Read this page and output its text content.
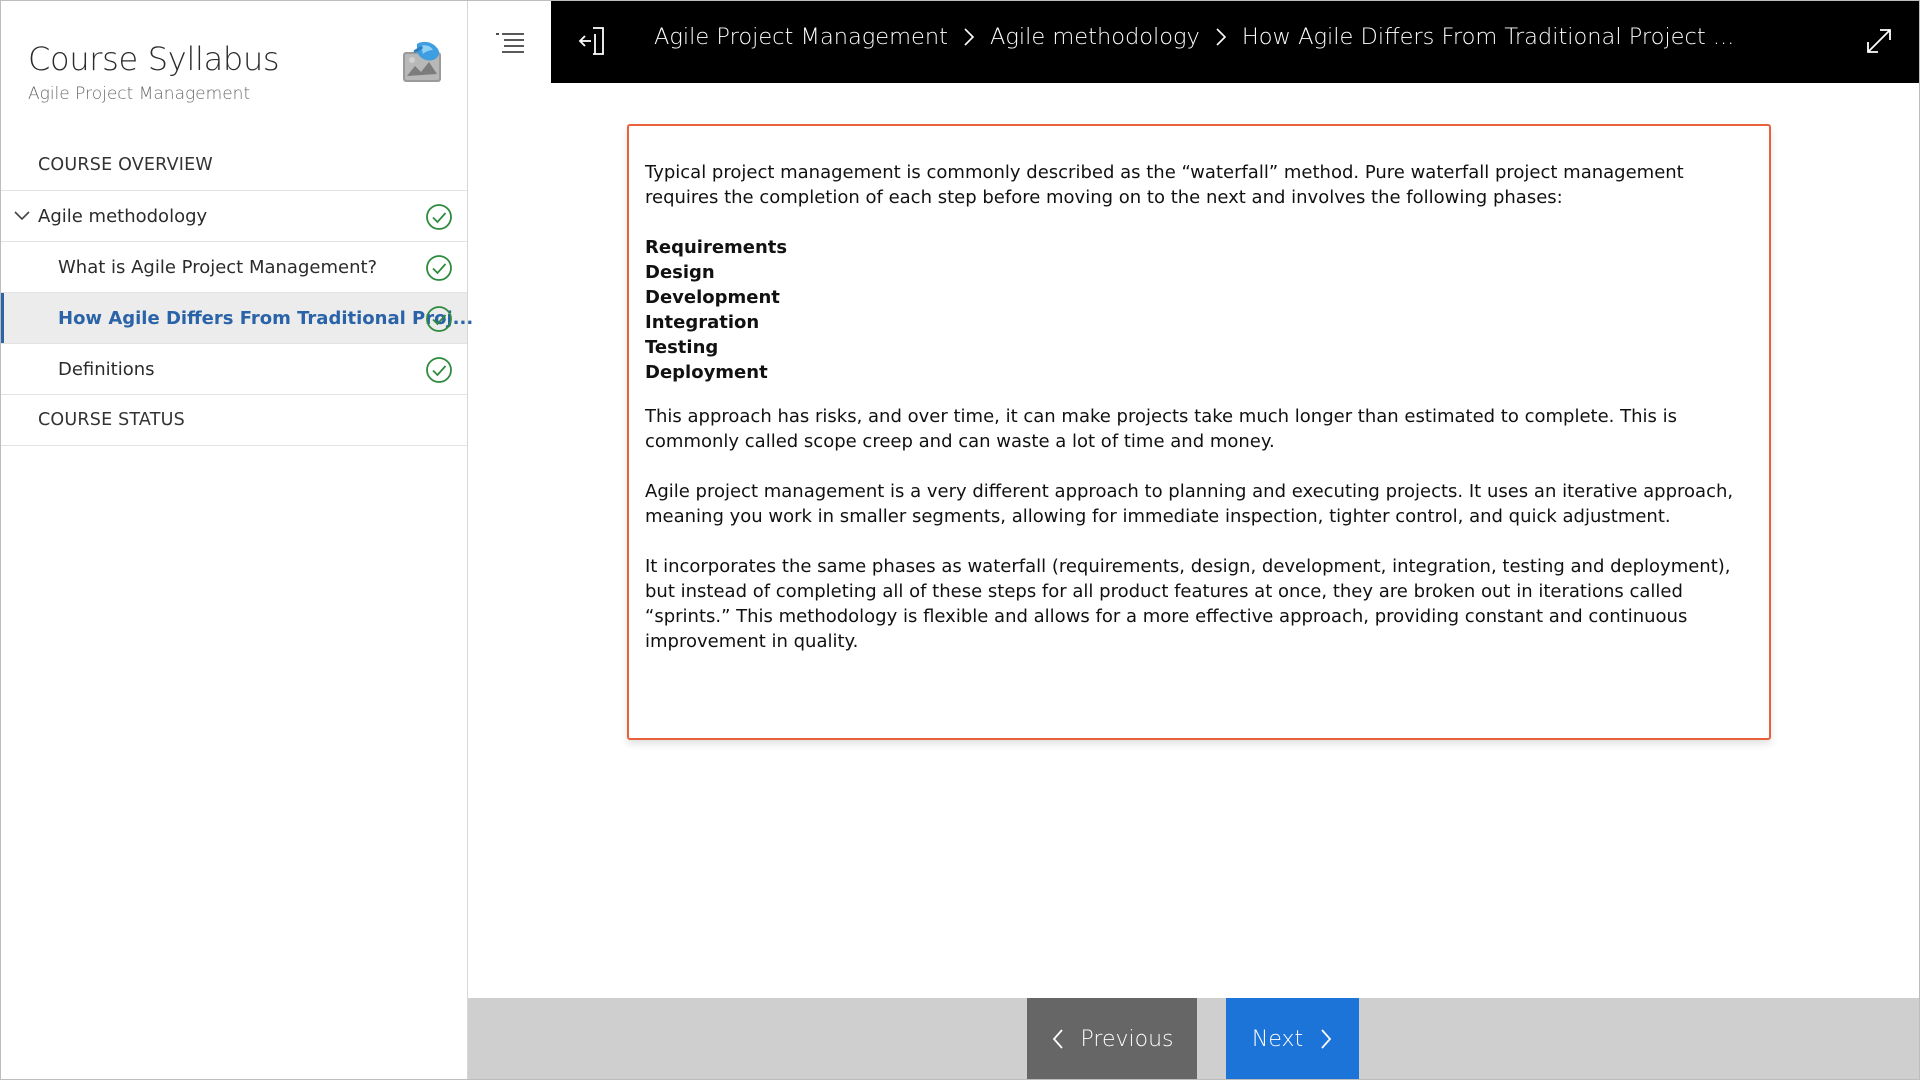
Course Syllabus
Agile Project Management
COURSE OVERVIEW
Agile methodology
What is Agile Project Management?
How Agile Differs From Traditional Proj...
Definitions
COURSE STATUS
Agile Project Management Agile methodology How Agile Differs From Traditional Project ...

Typical project management is commonly described as the “waterfall” method. Pure waterfall project management requires the completion of each step before moving on to the next and involves the following phases:

Requirements
Design
Development
Integration
Testing
Deployment

This approach has risks, and over time, it can make projects take much longer than estimated to complete. This is commonly called scope creep and can waste a lot of time and money.

Agile project management is a very different approach to planning and executing projects. It uses an iterative approach, meaning you work in smaller segments, allowing for immediate inspection, tighter control, and quick adjustment.

It incorporates the same phases as waterfall (requirements, design, development, integration, testing and deployment), but instead of completing all of these steps for all product features at once, they are broken out in iterations called “sprints.” This methodology is flexible and allows for a more effective approach, providing constant and continuous improvement in quality.

Previous	Next
